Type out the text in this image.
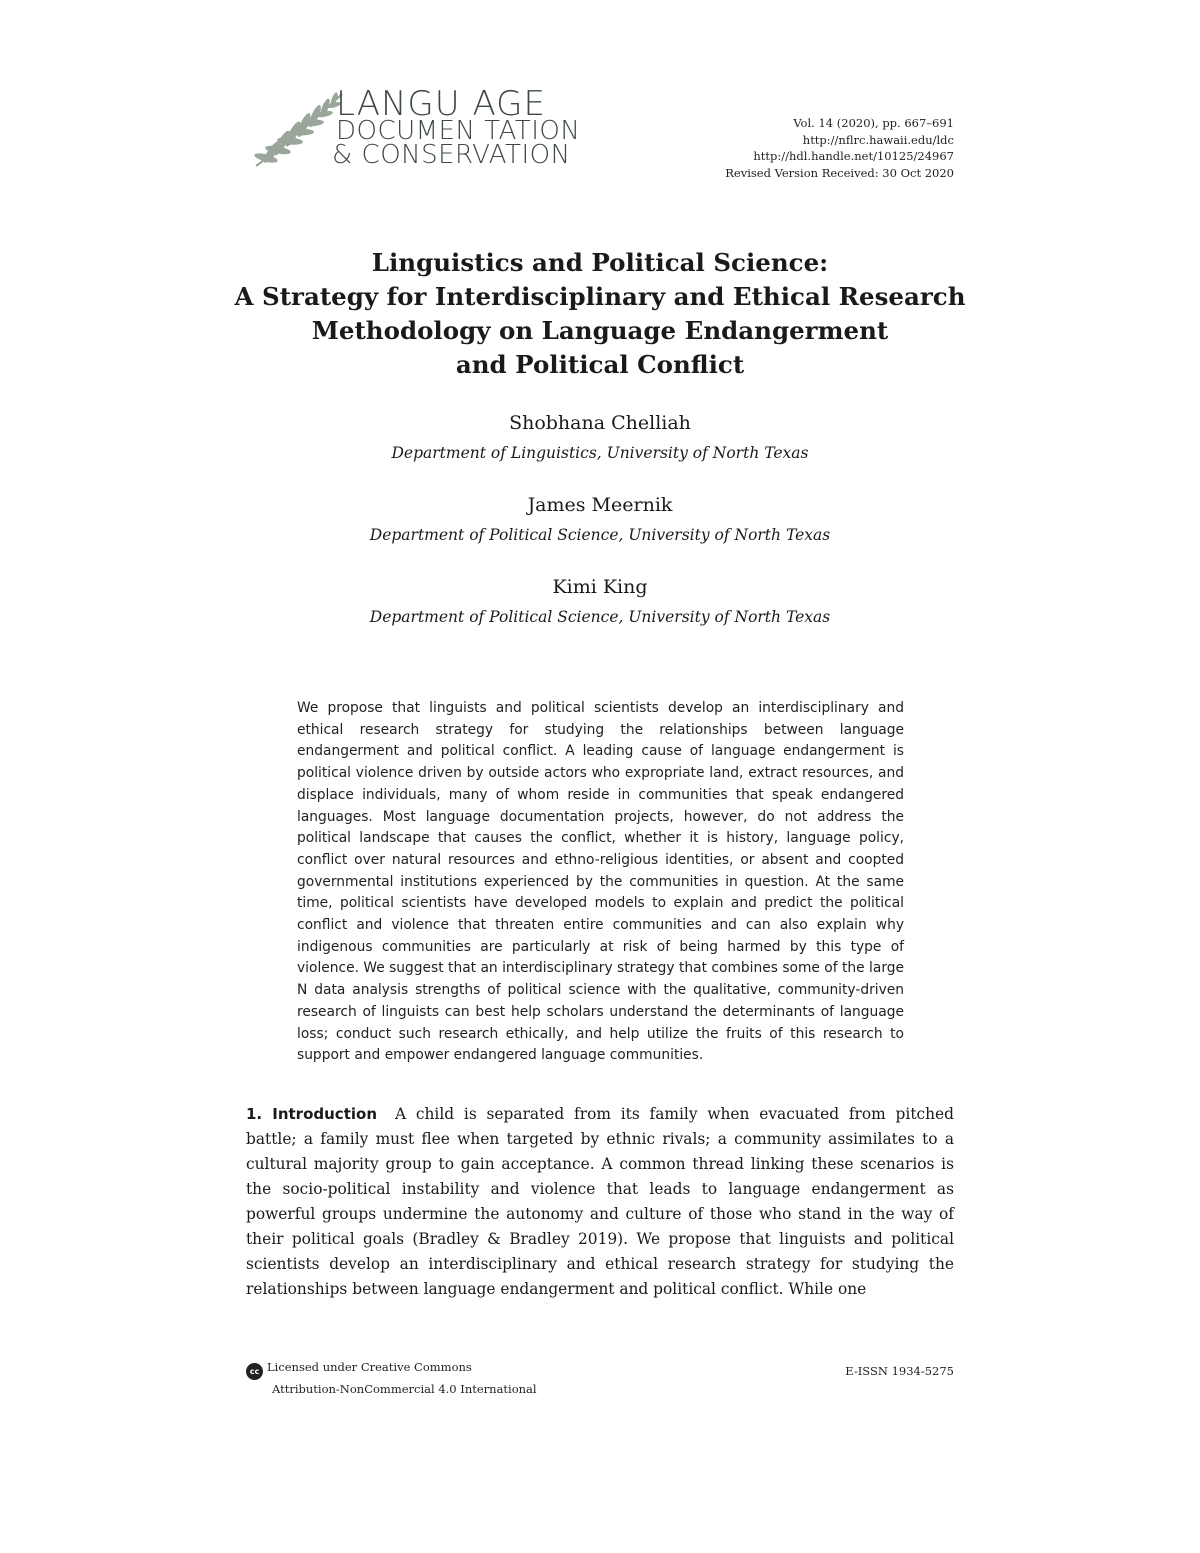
LANGU AGE
DOCUMEN TATION
& CONSERVATION
Vol. 14 (2020), pp. 667–691
http://nflrc.hawaii.edu/ldc
http://hdl.handle.net/10125/24967
Revised Version Received: 30 Oct 2020
Linguistics and Political Science:
A Strategy for Interdisciplinary and Ethical Research
Methodology on Language Endangerment
and Political Conflict
Shobhana Chelliah
Department of Linguistics, University of North Texas
James Meernik
Department of Political Science, University of North Texas
Kimi King
Department of Political Science, University of North Texas
We propose that linguists and political scientists develop an interdisciplinary and ethical research strategy for studying the relationships between language endangerment and political conflict. A leading cause of language endangerment is political violence driven by outside actors who expropriate land, extract resources, and displace individuals, many of whom reside in communities that speak endangered languages. Most language documentation projects, however, do not address the political landscape that causes the conflict, whether it is history, language policy, conflict over natural resources and ethno-religious identities, or absent and coopted governmental institutions experienced by the communities in question. At the same time, political scientists have developed models to explain and predict the political conflict and violence that threaten entire communities and can also explain why indigenous communities are particularly at risk of being harmed by this type of violence. We suggest that an interdisciplinary strategy that combines some of the large N data analysis strengths of political science with the qualitative, community-driven research of linguists can best help scholars understand the determinants of language loss; conduct such research ethically, and help utilize the fruits of this research to support and empower endangered language communities.
1. Introduction A child is separated from its family when evacuated from pitched battle; a family must flee when targeted by ethnic rivals; a community assimilates to a cultural majority group to gain acceptance. A common thread linking these scenarios is the socio-political instability and violence that leads to language endangerment as powerful groups undermine the autonomy and culture of those who stand in the way of their political goals (Bradley & Bradley 2019). We propose that linguists and political scientists develop an interdisciplinary and ethical research strategy for studying the relationships between language endangerment and political conflict. While one
cc Licensed under Creative Commons
Attribution-NonCommercial 4.0 International
E-ISSN 1934-5275
